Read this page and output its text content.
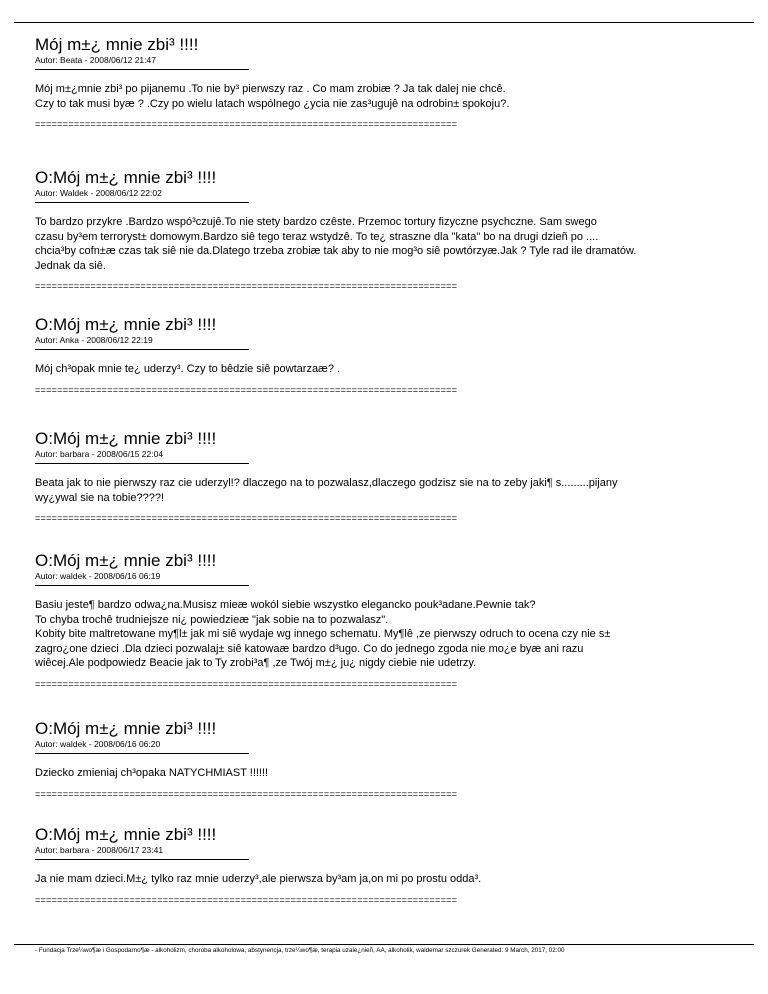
Mój m±¿ mnie zbi³ !!!!
Autor: Beata - 2008/06/12 21:47

Mój m±¿mnie zbi³ po pijanemu .To nie by³ pierwszy raz . Co mam zrobiæ ? Ja tak dalej nie chcê.

Czy to tak musi byæ ? .Czy po wielu latach wspólnego ¿ycia nie zas³ugujê na odrobin± spokoju?.

============================================================================
O:Mój m±¿ mnie zbi³ !!!!
Autor: Waldek - 2008/06/12 22:02

To bardzo przykre .Bardzo wspó³czujê.To nie stety bardzo czêste. Przemoc tortury fizyczne psychczne. Sam swego

czasu by³em terroryst± domowym.Bardzo siê tego teraz wstydzê. To te¿ straszne dla "kata" bo na drugi dzieñ po ....

chcia³by cofn±æ czas tak siê nie da.Dlatego trzeba zrobiæ tak aby to nie mog³o siê powtórzyæ.Jak ? Tyle rad ile dramatów.

Jednak da siê.

============================================================================
O:Mój m±¿ mnie zbi³ !!!!
Autor: Anka - 2008/06/12 22:19

Mój ch³opak mnie te¿ uderzy³. Czy to bêdzie siê powtarzaæ? .

============================================================================
O:Mój m±¿ mnie zbi³ !!!!
Autor: barbara - 2008/06/15 22:04

Beata jak to nie pierwszy raz cie uderzyl!? dlaczego na to pozwalasz,dlaczego godzisz sie na to zeby jaki¶ s.........pijany

wy¿ywal sie na tobie????!

============================================================================
O:Mój m±¿ mnie zbi³ !!!!
Autor: waldek - 2008/06/16 06:19

Basiu jeste¶ bardzo odwa¿na.Musisz mieæ wokól siebie wszystko elegancko pouk³adane.Pewnie tak?

To chyba trochê trudniejsze ni¿ powiedzieæ "jak sobie na to pozwalasz".

Kobity bite maltretowane my¶l± jak mi siê wydaje wg innego schematu. My¶lê ,ze pierwszy odruch to ocena czy nie s±

zagro¿one dzieci .Dla dzieci pozwalaj± siê katowaæ bardzo d³ugo. Co do jednego zgoda nie mo¿e byæ ani razu

wiêcej.Ale podpowiedz Beacie jak to Ty zrobi³a¶ ,ze Twój m±¿ ju¿ nigdy ciebie nie udetrzy.

============================================================================
O:Mój m±¿ mnie zbi³ !!!!
Autor: waldek - 2008/06/16 06:20

Dziecko zmieniaj ch³opaka NATYCHMIAST !!!!!!

============================================================================
O:Mój m±¿ mnie zbi³ !!!!
Autor: barbara - 2008/06/17 23:41

Ja nie mam dzieci.M±¿ tylko raz mnie uderzy³,ale pierwsza by³am ja,on mi po prostu odda³.

============================================================================
- Fundacja Trze¼wo¶æ i Gospodarno¶æ - alkoholizm, choroba alkoholowa, abstynencja, trze¼wo¶æ, terapia uzale¿nieñ, AA, alkoholik, waldemar szczurek Generated: 9 March, 2017, 02:00
